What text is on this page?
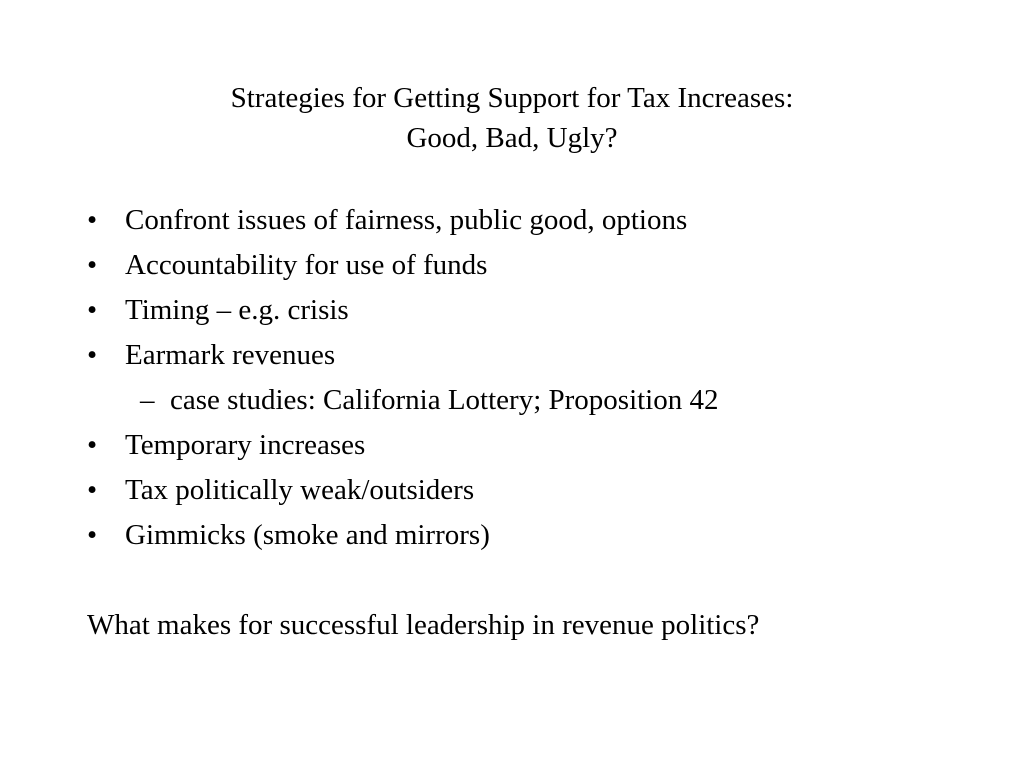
Strategies for Getting Support for Tax Increases:
Good, Bad, Ugly?
• Confront issues of fairness, public good, options
• Accountability for use of funds
• Timing – e.g. crisis
• Earmark revenues
– case studies: California Lottery; Proposition 42
• Temporary increases
• Tax politically weak/outsiders
• Gimmicks (smoke and mirrors)
What makes for successful leadership in revenue politics?
